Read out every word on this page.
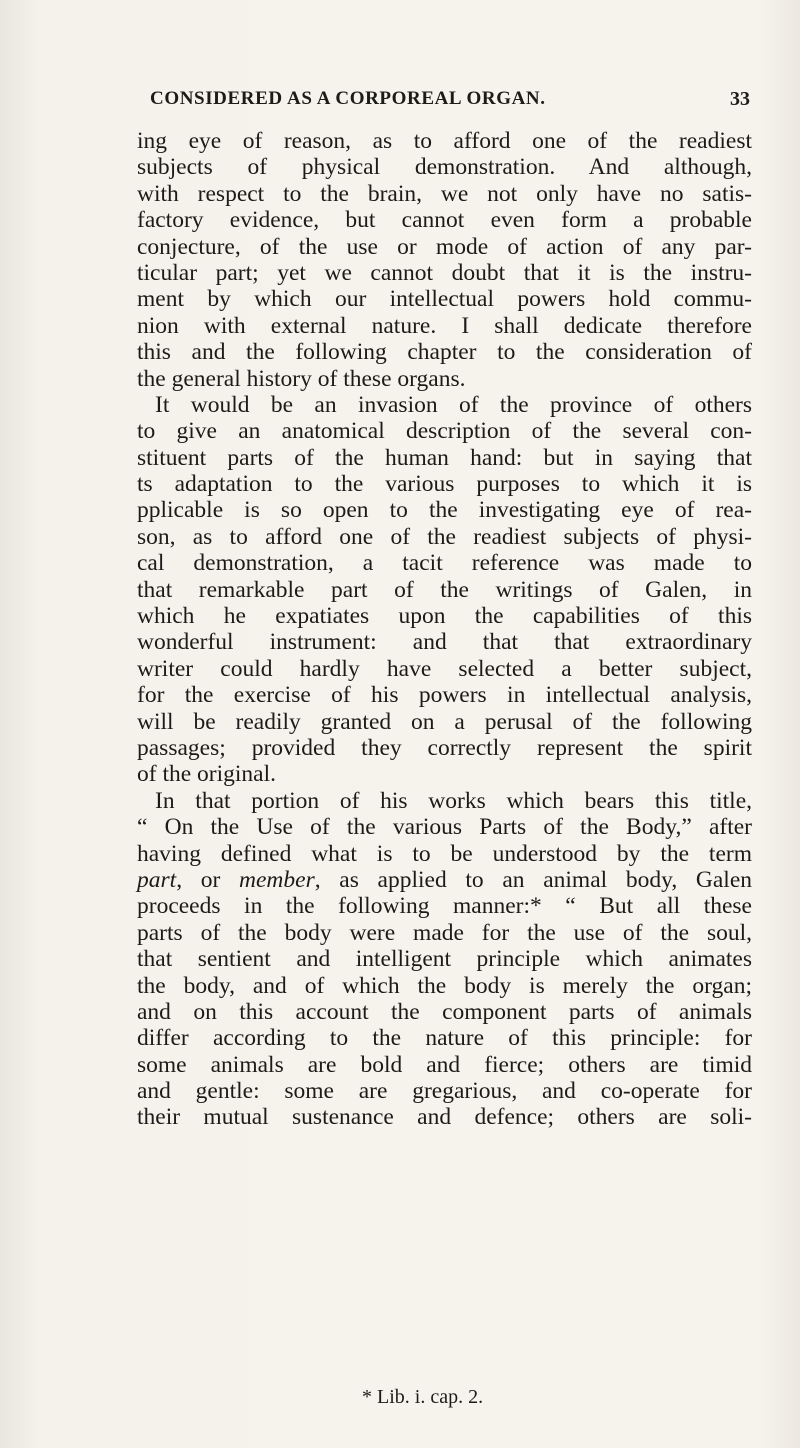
CONSIDERED AS A CORPOREAL ORGAN.	33
ing eye of reason, as to afford one of the readiest
subjects of physical demonstration. And although,
with respect to the brain, we not only have no satis-
factory evidence, but cannot even form a probable
conjecture, of the use or mode of action of any par-
ticular part; yet we cannot doubt that it is the instru-
ment by which our intellectual powers hold commu-
nion with external nature. I shall dedicate therefore
this and the following chapter to the consideration of
the general history of these organs.
It would be an invasion of the province of others
to give an anatomical description of the several con-
stituent parts of the human hand: but in saying that
ts adaptation to the various purposes to which it is
pplicable is so open to the investigating eye of rea-
son, as to afford one of the readiest subjects of physi-
cal demonstration, a tacit reference was made to
that remarkable part of the writings of Galen, in
which he expatiates upon the capabilities of this
wonderful instrument: and that that extraordinary
writer could hardly have selected a better subject,
for the exercise of his powers in intellectual analysis,
will be readily granted on a perusal of the following
passages; provided they correctly represent the spirit
of the original.
In that portion of his works which bears this title,
“ On the Use of the various Parts of the Body,” after
having defined what is to be understood by the term
part, or member, as applied to an animal body, Galen
proceeds in the following manner:* “ But all these
parts of the body were made for the use of the soul,
that sentient and intelligent principle which animates
the body, and of which the body is merely the organ;
and on this account the component parts of animals
differ according to the nature of this principle: for
some animals are bold and fierce; others are timid
and gentle: some are gregarious, and co-operate for
their mutual sustenance and defence; others are soli-
* Lib. i. cap. 2.
